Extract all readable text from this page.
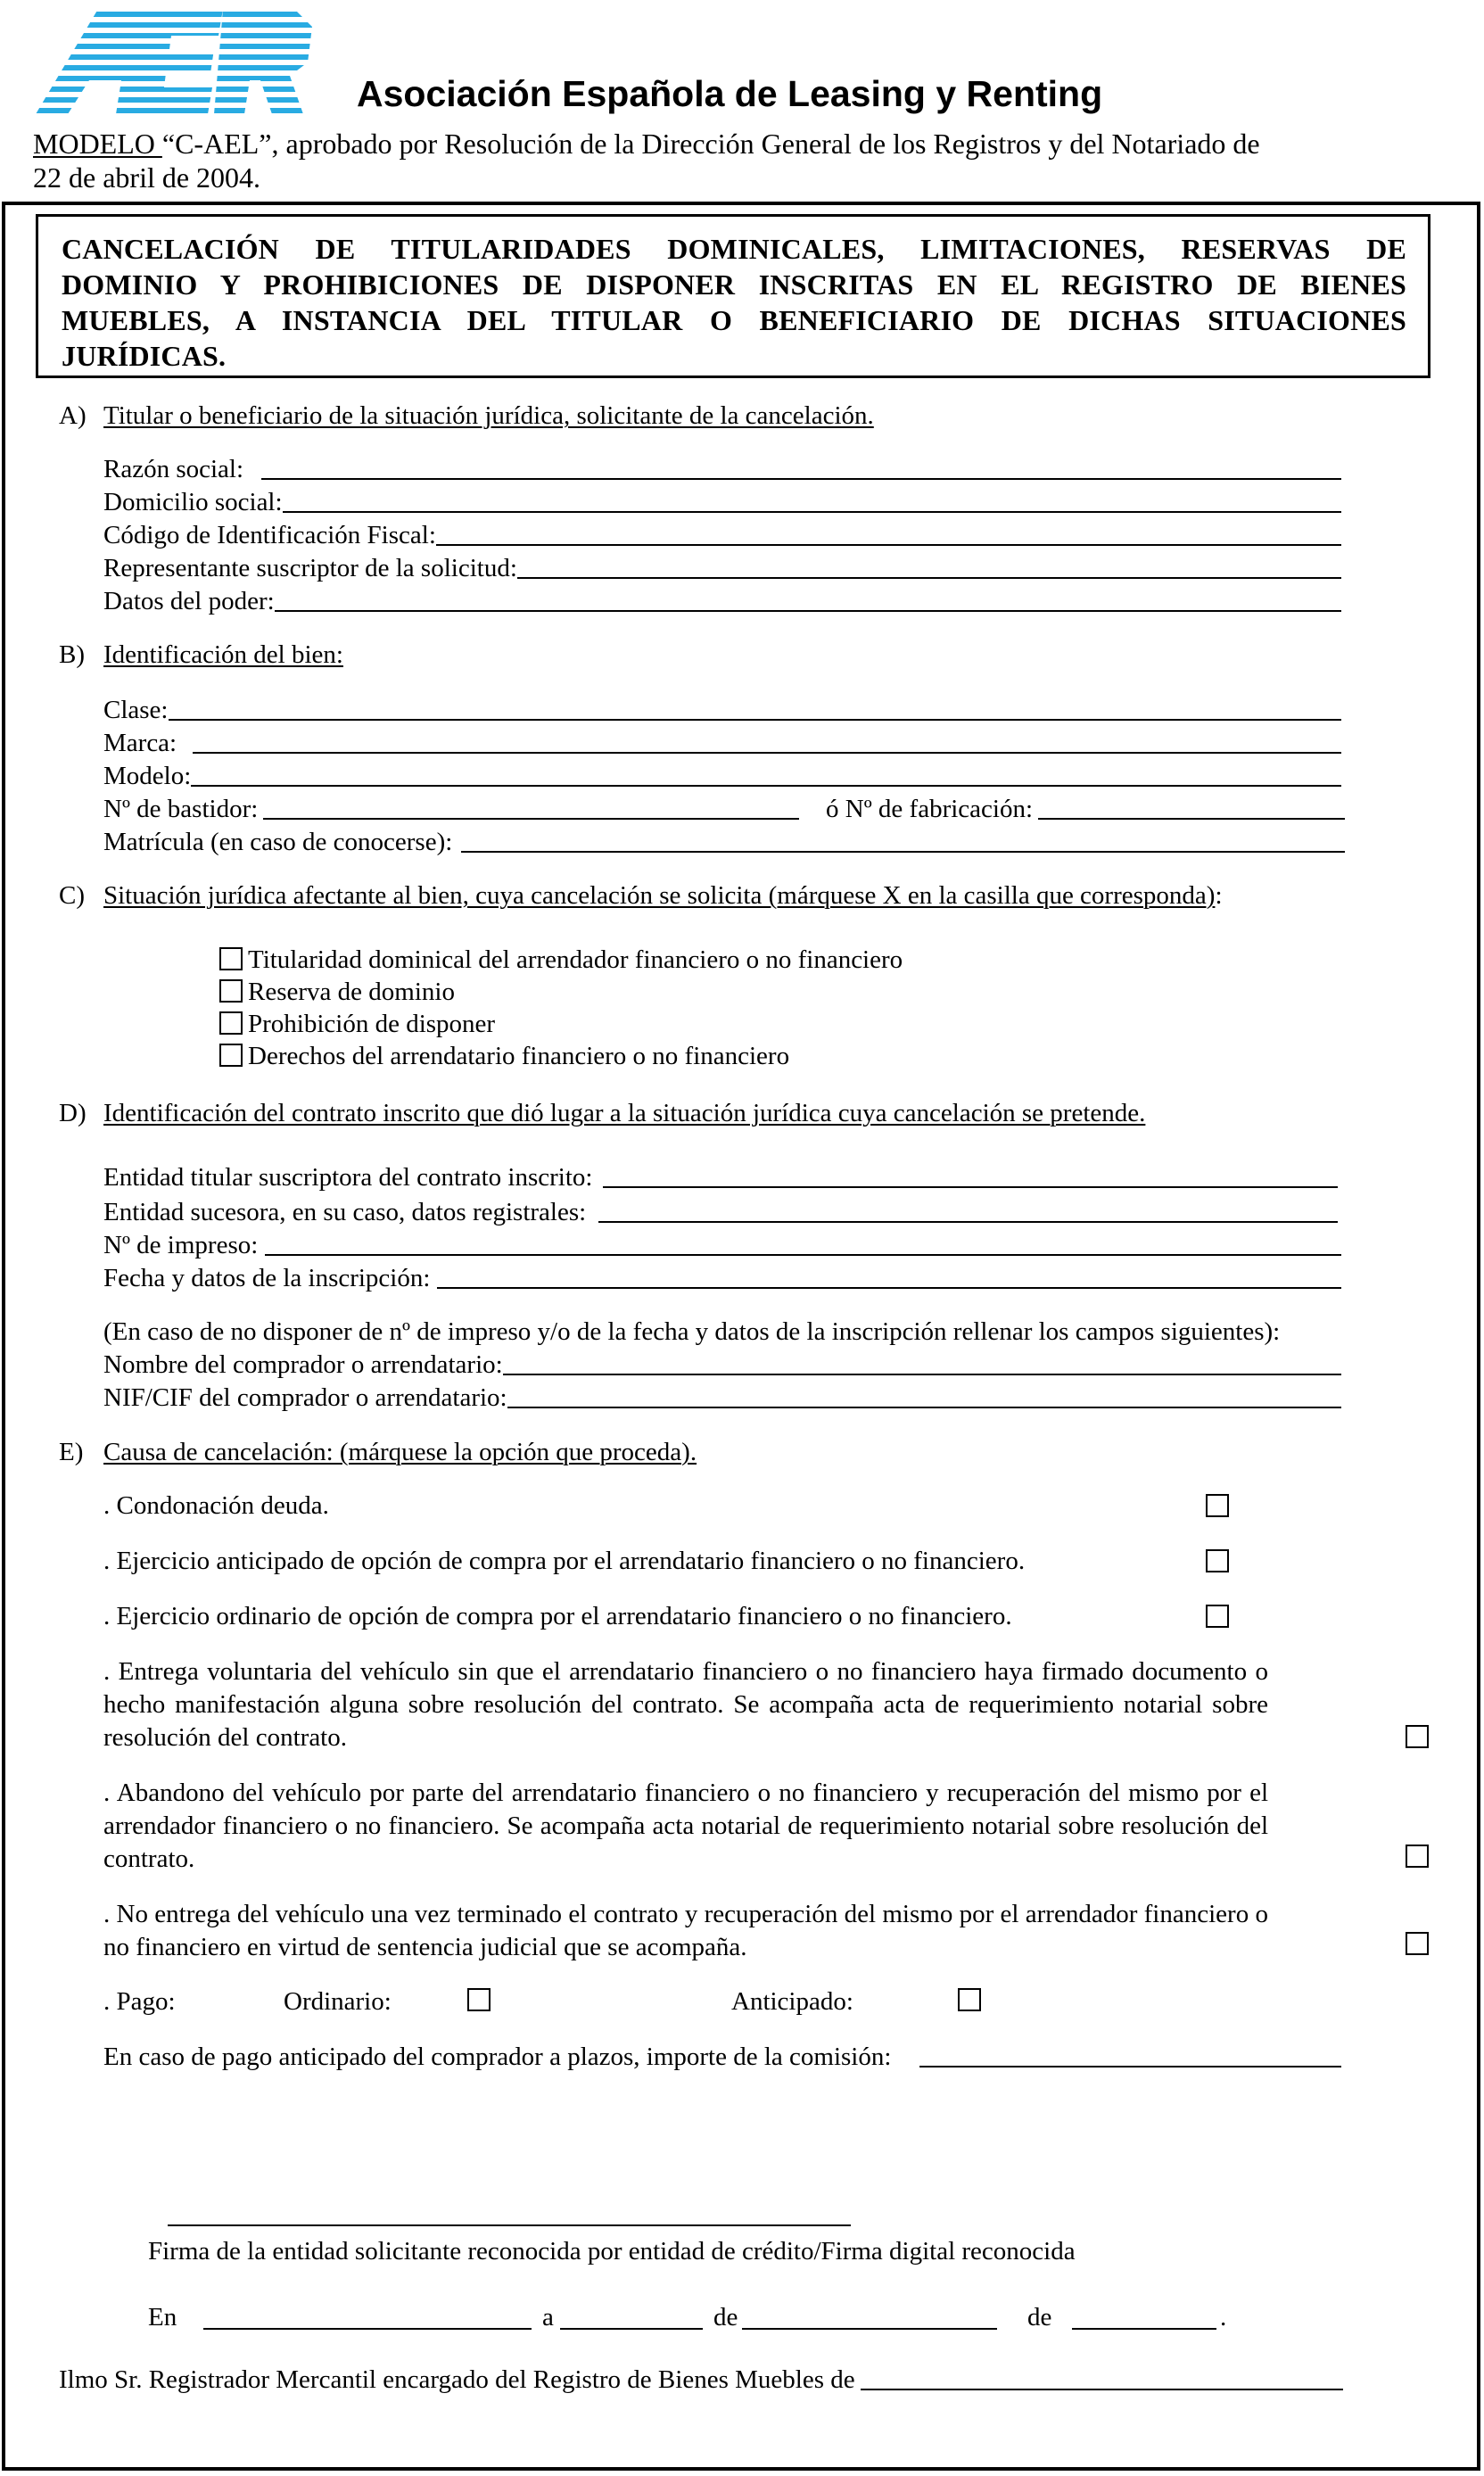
Asociación Española de Leasing y Renting
MODELO “C-AEL”, aprobado por Resolución de la Dirección General de los Registros y del Notariado de
22 de abril de 2004.
CANCELACIÓN DE TITULARIDADES DOMINICALES, LIMITACIONES, RESERVAS DE
DOMINIO Y PROHIBICIONES DE DISPONER INSCRITAS EN EL REGISTRO DE BIENES
MUEBLES, A INSTANCIA DEL TITULAR O BENEFICIARIO DE DICHAS SITUACIONES
JURÍDICAS.
A) Titular o beneficiario de la situación jurídica, solicitante de la cancelación.
Razón social:
Domicilio social:
Código de Identificación Fiscal:
Representante suscriptor de la solicitud:
Datos del poder:
B) Identificación del bien:
Clase:
Marca:
Modelo:
Nº de bastidor:	ó Nº de fabricación:
Matrícula (en caso de conocerse):
C) Situación jurídica afectante al bien, cuya cancelación se solicita (márquese X en la casilla que corresponda):
Titularidad dominical del arrendador financiero o no financiero
Reserva de dominio
Prohibición de disponer
Derechos del arrendatario financiero o no financiero
D) Identificación del contrato inscrito que dió lugar a la situación jurídica cuya cancelación se pretende.
Entidad titular suscriptora del contrato inscrito:
Entidad sucesora, en su caso, datos registrales:
Nº de impreso:
Fecha y datos de la inscripción:
(En caso de no disponer de nº de impreso y/o de la fecha y datos de la inscripción rellenar los campos siguientes):
Nombre del comprador o arrendatario:
NIF/CIF del comprador o arrendatario:
E) Causa de cancelación: (márquese la opción que proceda).
. Condonación deuda.
. Ejercicio anticipado de opción de compra por el arrendatario financiero o no financiero.
. Ejercicio ordinario de opción de compra por el arrendatario financiero o no financiero.
. Entrega voluntaria del vehículo sin que el arrendatario financiero o no financiero haya firmado documento o hecho manifestación alguna sobre resolución del contrato. Se acompaña acta de requerimiento notarial sobre resolución del contrato.
. Abandono del vehículo por parte del arrendatario financiero o no financiero y recuperación del mismo por el arrendador financiero o no financiero. Se acompaña acta notarial de requerimiento notarial sobre resolución del contrato.
. No entrega del vehículo una vez terminado el contrato y recuperación del mismo por el arrendador financiero o no financiero en virtud de sentencia judicial que se acompaña.
. Pago:	Ordinario:	Anticipado:
En caso de pago anticipado del comprador a plazos, importe de la comisión:
Firma de la entidad solicitante reconocida por entidad de crédito/Firma digital reconocida
En	a	de	de	.
Ilmo Sr. Registrador Mercantil encargado del Registro de Bienes Muebles de
